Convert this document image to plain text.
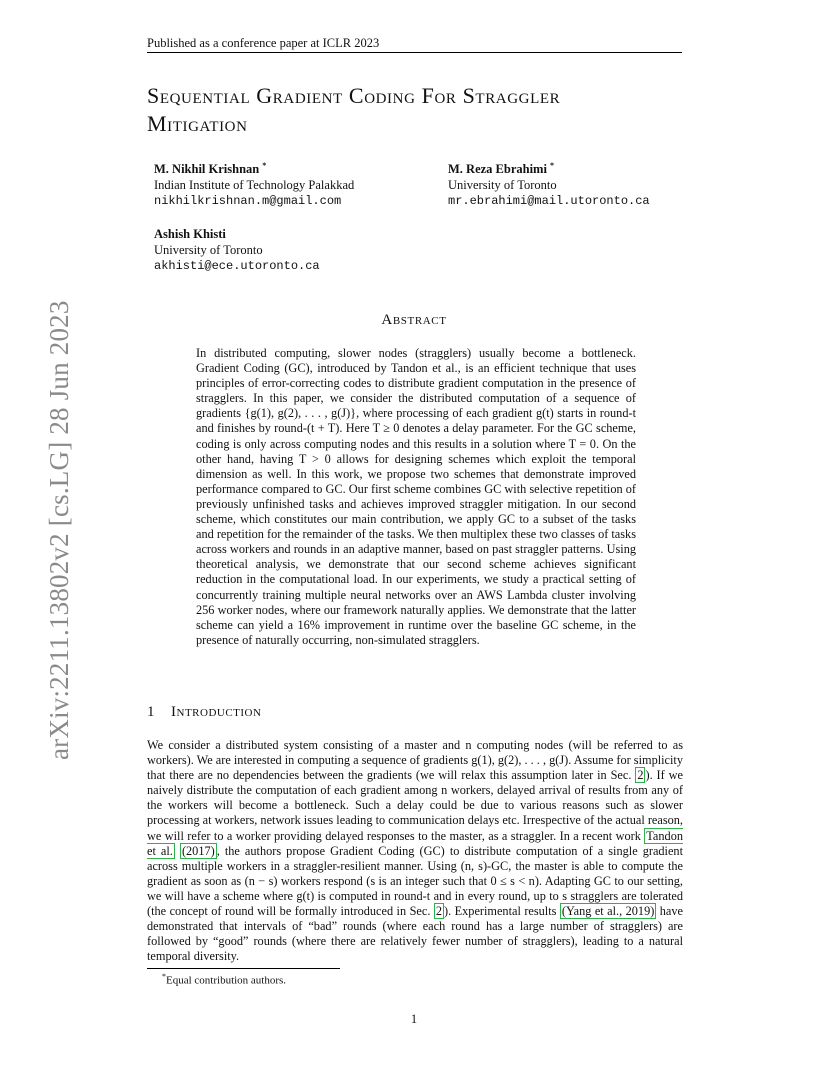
Published as a conference paper at ICLR 2023
arXiv:2211.13802v2 [cs.LG] 28 Jun 2023
Sequential Gradient Coding For Straggler
Mitigation
M. Nikhil Krishnan *
Indian Institute of Technology Palakkad
nikhilkrishnan.m@gmail.com
M. Reza Ebrahimi *
University of Toronto
mr.ebrahimi@mail.utoronto.ca
Ashish Khisti
University of Toronto
akhisti@ece.utoronto.ca
Abstract
In distributed computing, slower nodes (stragglers) usually become a bottleneck. Gradient Coding (GC), introduced by Tandon et al., is an efficient technique that uses principles of error-correcting codes to distribute gradient computation in the presence of stragglers. In this paper, we consider the distributed computation of a sequence of gradients {g(1), g(2), . . . , g(J)}, where processing of each gradient g(t) starts in round-t and finishes by round-(t + T). Here T ≥ 0 denotes a delay parameter. For the GC scheme, coding is only across computing nodes and this results in a solution where T = 0. On the other hand, having T > 0 allows for designing schemes which exploit the temporal dimension as well. In this work, we propose two schemes that demonstrate improved performance compared to GC. Our first scheme combines GC with selective repetition of previously unfinished tasks and achieves improved straggler mitigation. In our second scheme, which constitutes our main contribution, we apply GC to a subset of the tasks and repetition for the remainder of the tasks. We then multiplex these two classes of tasks across workers and rounds in an adaptive manner, based on past straggler patterns. Using theoretical analysis, we demonstrate that our second scheme achieves significant reduction in the computational load. In our experiments, we study a practical setting of concurrently training multiple neural networks over an AWS Lambda cluster involving 256 worker nodes, where our framework naturally applies. We demonstrate that the latter scheme can yield a 16% improvement in runtime over the baseline GC scheme, in the presence of naturally occurring, non-simulated stragglers.
1 Introduction
We consider a distributed system consisting of a master and n computing nodes (will be referred to as workers). We are interested in computing a sequence of gradients g(1), g(2), . . . , g(J). Assume for simplicity that there are no dependencies between the gradients (we will relax this assumption later in Sec. 2 ). If we naively distribute the computation of each gradient among n workers, delayed arrival of results from any of the workers will become a bottleneck. Such a delay could be due to various reasons such as slower processing at workers, network issues leading to communication delays etc. Irrespective of the actual reason, we will refer to a worker providing delayed responses to the master, as a straggler. In a recent work Tandon et al. (2017) , the authors propose Gradient Coding (GC) to distribute computation of a single gradient across multiple workers in a straggler-resilient manner. Using (n, s)-GC, the master is able to compute the gradient as soon as (n − s) workers respond (s is an integer such that 0 ≤ s < n). Adapting GC to our setting, we will have a scheme where g(t) is computed in round-t and in every round, up to s stragglers are tolerated (the concept of round will be formally introduced in Sec. 2 ). Experimental results (Yang et al., 2019) have demonstrated that intervals of “bad” rounds (where each round has a large number of stragglers) are followed by “good” rounds (where there are relatively fewer number of stragglers), leading to a natural temporal diversity.
*Equal contribution authors.
1
